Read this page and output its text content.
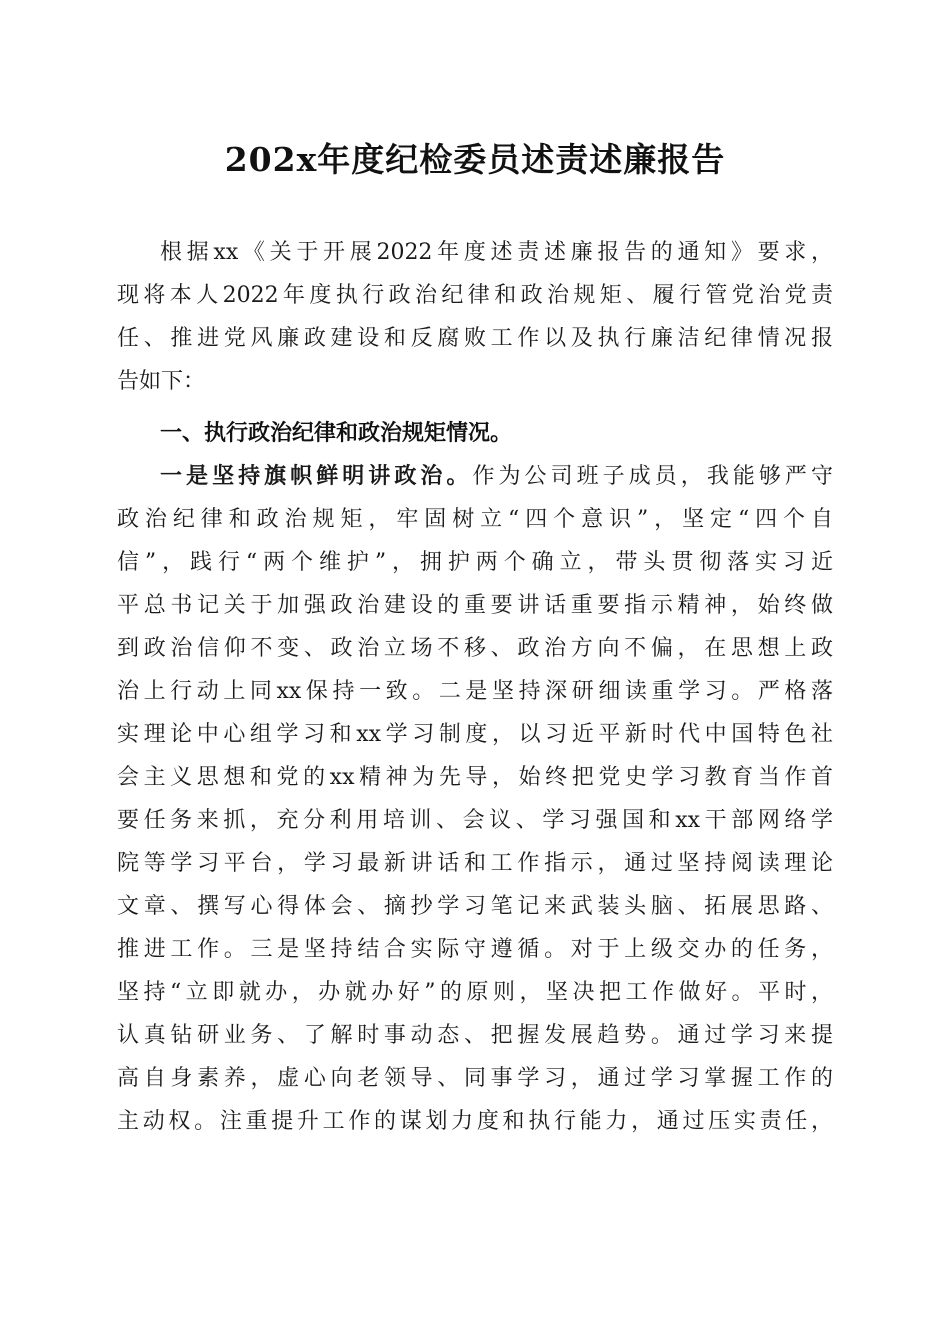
202x年度纪检委员述责述廉报告
根据xx《关于开展2022年度述责述廉报告的通知》要求，
现将本人2022年度执行政治纪律和政治规矩、履行管党治党责
任、推进党风廉政建设和反腐败工作以及执行廉洁纪律情况报
告如下：
一、执行政治纪律和政治规矩情况。
一是坚持旗帜鲜明讲政治。作为公司班子成员，我能够严守
政治纪律和政治规矩，牢固树立“四个意识”，坚定“四个自
信”，践行“两个维护”，拥护两个确立，带头贯彻落实习近
平总书记关于加强政治建设的重要讲话重要指示精神，始终做
到政治信仰不变、政治立场不移、政治方向不偏，在思想上政
治上行动上同xx保持一致。二是坚持深研细读重学习。严格落
实理论中心组学习和xx学习制度，以习近平新时代中国特色社
会主义思想和党的xx精神为先导，始终把党史学习教育当作首
要任务来抓，充分利用培训、会议、学习强国和xx干部网络学
院等学习平台，学习最新讲话和工作指示，通过坚持阅读理论
文章、撰写心得体会、摘抄学习笔记来武装头脑、拓展思路、
推进工作。三是坚持结合实际守遵循。对于上级交办的任务，
坚持“立即就办，办就办好”的原则，坚决把工作做好。平时，
认真钻研业务、了解时事动态、把握发展趋势。通过学习来提
高自身素养，虚心向老领导、同事学习，通过学习掌握工作的
主动权。注重提升工作的谋划力度和执行能力，通过压实责任，
